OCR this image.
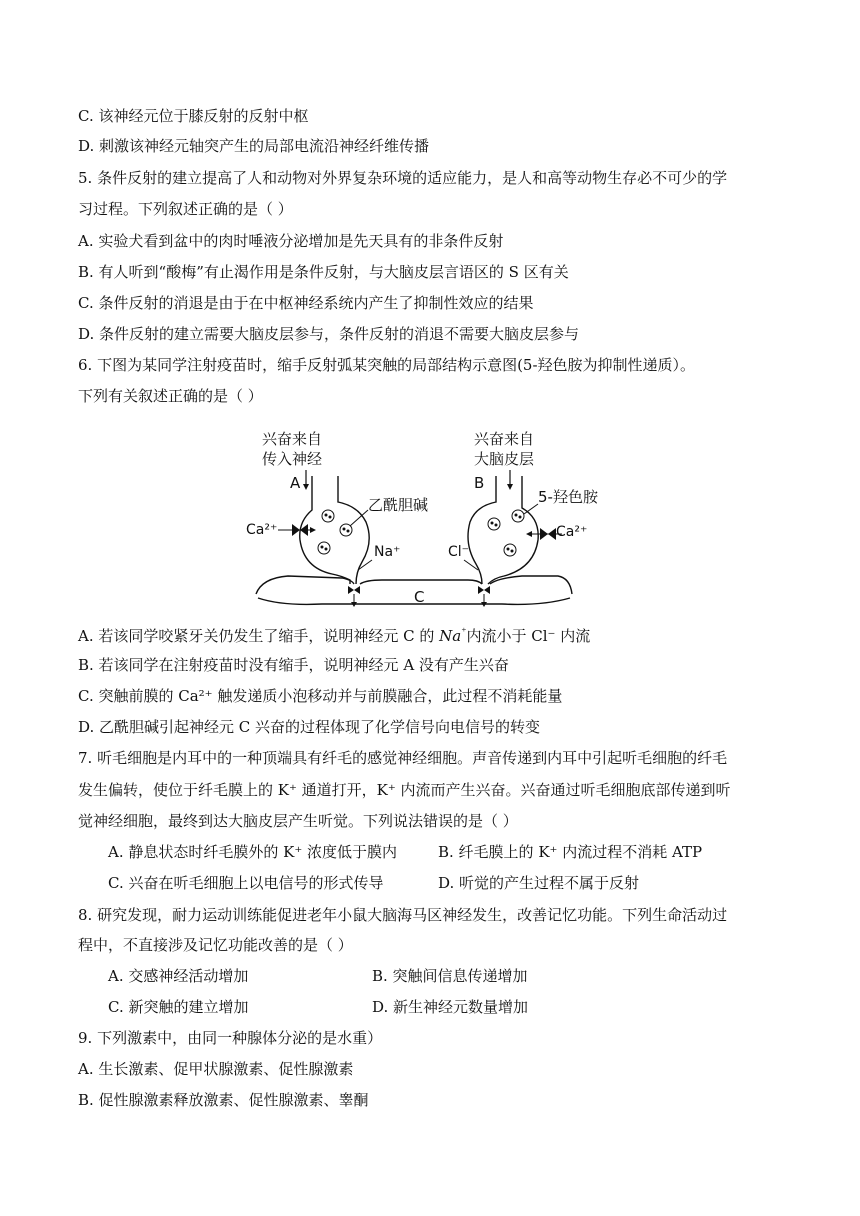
C. 该神经元位于膝反射的反射中枢
D. 刺激该神经元轴突产生的局部电流沿神经纤维传播
5. 条件反射的建立提高了人和动物对外界复杂环境的适应能力，是人和高等动物生存必不可少的学
习过程。下列叙述正确的是（ ）
A. 实验犬看到盆中的肉时唾液分泌增加是先天具有的非条件反射
B. 有人听到“酸梅”有止渴作用是条件反射，与大脑皮层言语区的 S 区有关
C. 条件反射的消退是由于在中枢神经系统内产生了抑制性效应的结果
D. 条件反射的建立需要大脑皮层参与，条件反射的消退不需要大脑皮层参与
6. 下图为某同学注射疫苗时，缩手反射弧某突触的局部结构示意图(5-羟色胺为抑制性递质）。
下列有关叙述正确的是（ ）
兴奋来自
传入神经
兴奋来自
大脑皮层
A	B
乙酰胆碱
Ca²⁺
5-羟色胺
Ca²⁺
Na⁺	Cl⁻
C
A. 若该同学咬紧牙关仍发生了缩手，说明神经元 C 的 Na⁺内流小于 Cl⁻ 内流
B. 若该同学在注射疫苗时没有缩手，说明神经元 A 没有产生兴奋
C. 突触前膜的 Ca²⁺ 触发递质小泡移动并与前膜融合，此过程不消耗能量
D. 乙酰胆碱引起神经元 C 兴奋的过程体现了化学信号向电信号的转变
7. 听毛细胞是内耳中的一种顶端具有纤毛的感觉神经细胞。声音传递到内耳中引起听毛细胞的纤毛
发生偏转，使位于纤毛膜上的 K⁺ 通道打开，K⁺ 内流而产生兴奋。兴奋通过听毛细胞底部传递到听
觉神经细胞，最终到达大脑皮层产生听觉。下列说法错误的是（ ）
A. 静息状态时纤毛膜外的 K⁺ 浓度低于膜内	B. 纤毛膜上的 K⁺ 内流过程不消耗 ATP
C. 兴奋在听毛细胞上以电信号的形式传导	D. 听觉的产生过程不属于反射
8. 研究发现，耐力运动训练能促进老年小鼠大脑海马区神经发生，改善记忆功能。下列生命活动过
程中，不直接涉及记忆功能改善的是（ ）
A. 交感神经活动增加	B. 突触间信息传递增加
C. 新突触的建立增加	D. 新生神经元数量增加
9. 下列激素中，由同一种腺体分泌的是水重）
A. 生长激素、促甲状腺激素、促性腺激素
B. 促性腺激素释放激素、促性腺激素、睾酮
